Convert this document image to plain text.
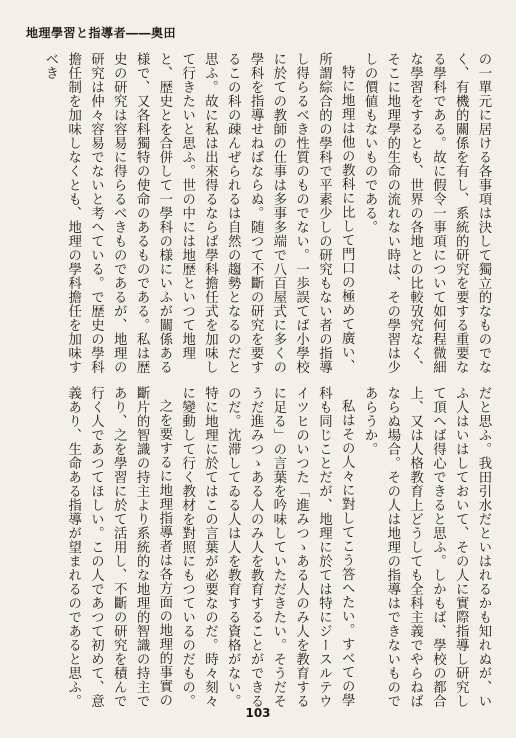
地理學習と指導者――奥田

の一單元に居ける各事項は決して獨立的なものでなく、有機的關係を有し、系統的研究を要する重要なる學科である。故に假令一事項について如何程微細な學習をするとも、世界の各地との比較攷究なく、そこに地理學的生命の流れない時は、その學習は少しの價値もないものである。

特に地理は他の教科に比して門口の極めて廣い、所謂綜合的の學科で平素少しの研究もない者の指導し得らるべき性質のものでない。一歩誤てば小學校に於ての教師の仕事は多事多端で八百屋式に多くの學科を指導せねばならぬ。随つて不斷の研究を要するこの科の疎んぜられるは自然の趨勢となるのだと思ふ。故に私は出來得るならば學科擔任式を加味して行きたいと思ふ。世の中には地歴といつて地理と、歴史とを合併して一學科の様にいふが關係ある様で、又各科獨特の使命のあるものである。私は歴史の研究は容易に得らるべきものであるが、地理の研究は仲々容易でないと考へている。で歴史の學科擔任制を加味しなくとも、地理の學科擔任を加味すべき

だと思ふ。我田引水だといはれるかも知れぬが、いふ人はいはしておいて、その人に實際指導し研究して頂へば得心できると思ふ。しかもば、學校の都合上、又は人格教育上どうしても全科主義でやらねばならぬ場合。その人は地理の指導はできないものであらうか。

私はその人々に對してこう答へたい。すべての學科も同じことだが、地理に於ては特にジースルテウイツヒのいつた「進みつゝある人のみ人を教育するに足る」の言葉を吟味していただきたい。そうだそうだ進みつゝある人のみ人を教育することができるのだ。沈滞してゐる人は人を教育する資格がない。特に地理に於てはこの言葉が必要なのだ。時々刻々に變動して行く教材を對照にもつているのだもの。

之を要するに地理指導者は各方面の地理的事實の斷片的智識の持主より系統的な地理的智識の持主であり、之を學習に於て活用し、不斷の研究を積んで行く人であつてほしい。この人であつて初めて、意義あり、生命ある指導が望まれるのであると思ふ。

103
